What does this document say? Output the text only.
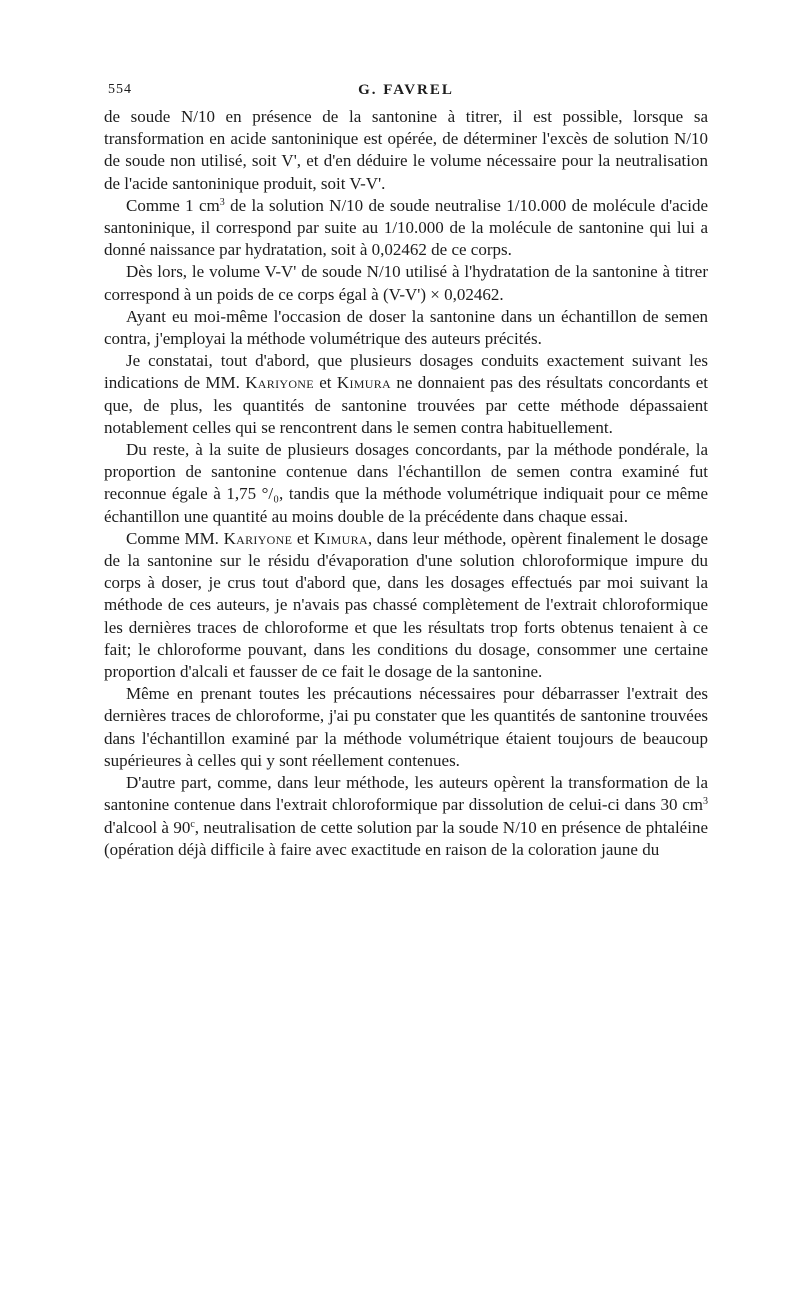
554	G. FAVREL

de soude N/10 en présence de la santonine à titrer, il est possible, lorsque sa transformation en acide santoninique est opérée, de déterminer l'excès de solution N/10 de soude non utilisé, soit V', et d'en déduire le volume nécessaire pour la neutralisation de l'acide santoninique produit, soit V-V'.

Comme 1 $cm^3$ de la solution N/10 de soude neutralise 1/10.000 de molécule d'acide santoninique, il correspond par suite au 1/10.000 de la molécule de santonine qui lui a donné naissance par hydratation, soit à 0,02462 de ce corps.

Dès lors, le volume V-V' de soude N/10 utilisé à l'hydratation de la santonine à titrer correspond à un poids de ce corps égal à (V-V') × 0,02462.

Ayant eu moi-même l'occasion de doser la santonine dans un échantillon de semen contra, j'employai la méthode volumétrique des auteurs précités.

Je constatai, tout d'abord, que plusieurs dosages conduits exactement suivant les indications de MM. Kariyone et Kimura ne donnaient pas des résultats concordants et que, de plus, les quantités de santonine trouvées par cette méthode dépassaient notablement celles qui se rencontrent dans le semen contra habituellement.

Du reste, à la suite de plusieurs dosages concordants, par la méthode pondérale, la proportion de santonine contenue dans l'échantillon de semen contra examiné fut reconnue égale à 1,75 °/₀, tandis que la méthode volumétrique indiquait pour ce même échantillon une quantité au moins double de la précédente dans chaque essai.

Comme MM. Kariyone et Kimura, dans leur méthode, opèrent finalement le dosage de la santonine sur le résidu d'évaporation d'une solution chloroformique impure du corps à doser, je crus tout d'abord que, dans les dosages effectués par moi suivant la méthode de ces auteurs, je n'avais pas chassé complètement de l'extrait chloroformique les dernières traces de chloroforme et que les résultats trop forts obtenus tenaient à ce fait; le chloroforme pouvant, dans les conditions du dosage, consommer une certaine proportion d'alcali et fausser de ce fait le dosage de la santonine.

Même en prenant toutes les précautions nécessaires pour débarrasser l'extrait des dernières traces de chloroforme, j'ai pu constater que les quantités de santonine trouvées dans l'échantillon examiné par la méthode volumétrique étaient toujours de beaucoup supérieures à celles qui y sont réellement contenues.

D'autre part, comme, dans leur méthode, les auteurs opèrent la transformation de la santonine contenue dans l'extrait chloroformique par dissolution de celui-ci dans 30 $cm^3$ d'alcool à 90$^c$, neutralisation de cette solution par la soude N/10 en présence de phtaléine (opération déjà difficile à faire avec exactitude en raison de la coloration jaune du
